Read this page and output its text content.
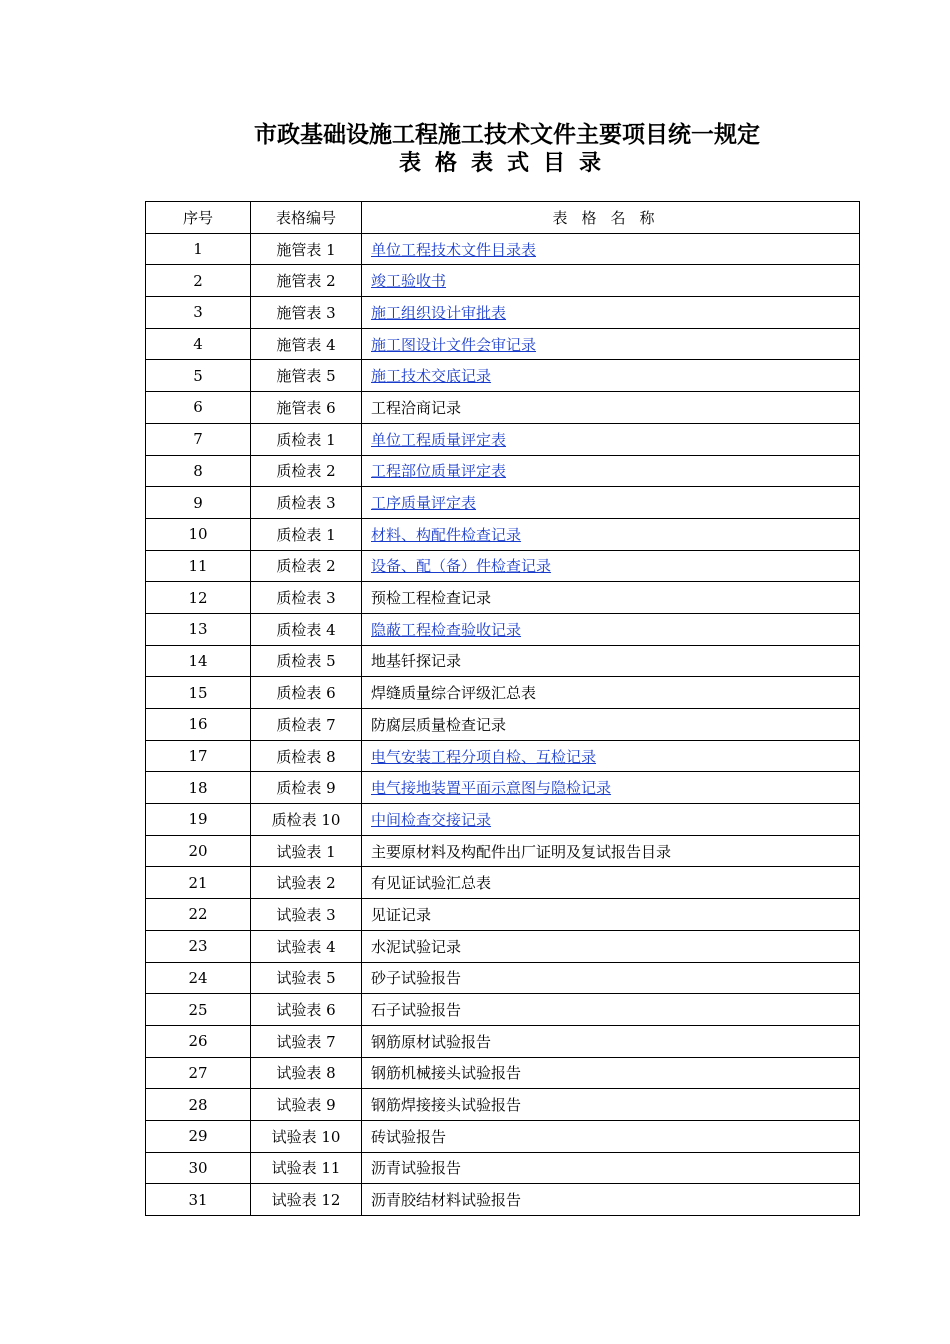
市政基础设施工程施工技术文件主要项目统一规定
表格表式目录
序号	表格编号	表格名称
1	施管表 1	单位工程技术文件目录表
2	施管表 2	竣工验收书
3	施管表 3	施工组织设计审批表
4	施管表 4	施工图设计文件会审记录
5	施管表 5	施工技术交底记录
6	施管表 6	工程洽商记录
7	质检表 1	单位工程质量评定表
8	质检表 2	工程部位质量评定表
9	质检表 3	工序质量评定表
10	质检表 1	材料、构配件检查记录
11	质检表 2	设备、配（备）件检查记录
12	质检表 3	预检工程检查记录
13	质检表 4	隐蔽工程检查验收记录
14	质检表 5	地基钎探记录
15	质检表 6	焊缝质量综合评级汇总表
16	质检表 7	防腐层质量检查记录
17	质检表 8	电气安装工程分项自检、互检记录
18	质检表 9	电气接地装置平面示意图与隐检记录
19	质检表 10	中间检查交接记录
20	试验表 1	主要原材料及构配件出厂证明及复试报告目录
21	试验表 2	有见证试验汇总表
22	试验表 3	见证记录
23	试验表 4	水泥试验记录
24	试验表 5	砂子试验报告
25	试验表 6	石子试验报告
26	试验表 7	钢筋原材试验报告
27	试验表 8	钢筋机械接头试验报告
28	试验表 9	钢筋焊接接头试验报告
29	试验表 10	砖试验报告
30	试验表 11	沥青试验报告
31	试验表 12	沥青胶结材料试验报告
